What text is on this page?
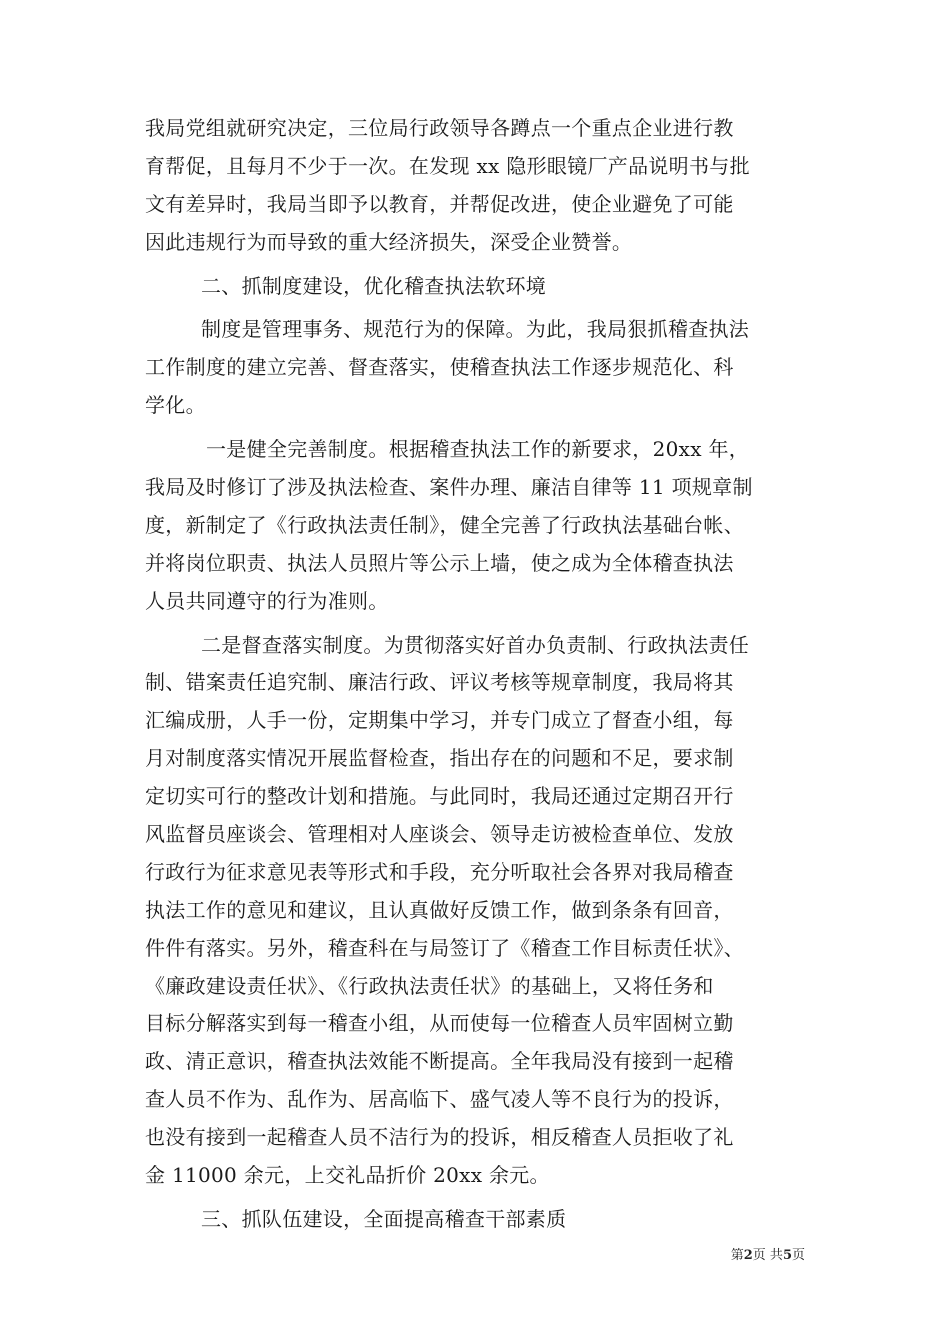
我局党组就研究决定，三位局行政领导各蹲点一个重点企业进行教
育帮促，且每月不少于一次。在发现 xx 隐形眼镜厂产品说明书与批
文有差异时，我局当即予以教育，并帮促改进，使企业避免了可能
因此违规行为而导致的重大经济损失，深受企业赞誉。
二、抓制度建设，优化稽查执法软环境
制度是管理事务、规范行为的保障。为此，我局狠抓稽查执法
工作制度的建立完善、督查落实，使稽查执法工作逐步规范化、科
学化。
一是健全完善制度。根据稽查执法工作的新要求，20xx 年，
我局及时修订了涉及执法检查、案件办理、廉洁自律等 11 项规章制
度，新制定了《行政执法责任制》，健全完善了行政执法基础台帐、
并将岗位职责、执法人员照片等公示上墙，使之成为全体稽查执法
人员共同遵守的行为准则。
二是督查落实制度。为贯彻落实好首办负责制、行政执法责任
制、错案责任追究制、廉洁行政、评议考核等规章制度，我局将其
汇编成册，人手一份，定期集中学习，并专门成立了督查小组，每
月对制度落实情况开展监督检查，指出存在的问题和不足，要求制
定切实可行的整改计划和措施。与此同时，我局还通过定期召开行
风监督员座谈会、管理相对人座谈会、领导走访被检查单位、发放
行政行为征求意见表等形式和手段，充分听取社会各界对我局稽查
执法工作的意见和建议，且认真做好反馈工作，做到条条有回音，
件件有落实。另外，稽查科在与局签订了《稽查工作目标责任状》、
《廉政建设责任状》、《行政执法责任状》的基础上，又将任务和
目标分解落实到每一稽查小组，从而使每一位稽查人员牢固树立勤
政、清正意识，稽查执法效能不断提高。全年我局没有接到一起稽
查人员不作为、乱作为、居高临下、盛气凌人等不良行为的投诉，
也没有接到一起稽查人员不洁行为的投诉，相反稽查人员拒收了礼
金 11000 余元，上交礼品折价 20xx 余元。
三、抓队伍建设，全面提高稽查干部素质
第2页 共5页
